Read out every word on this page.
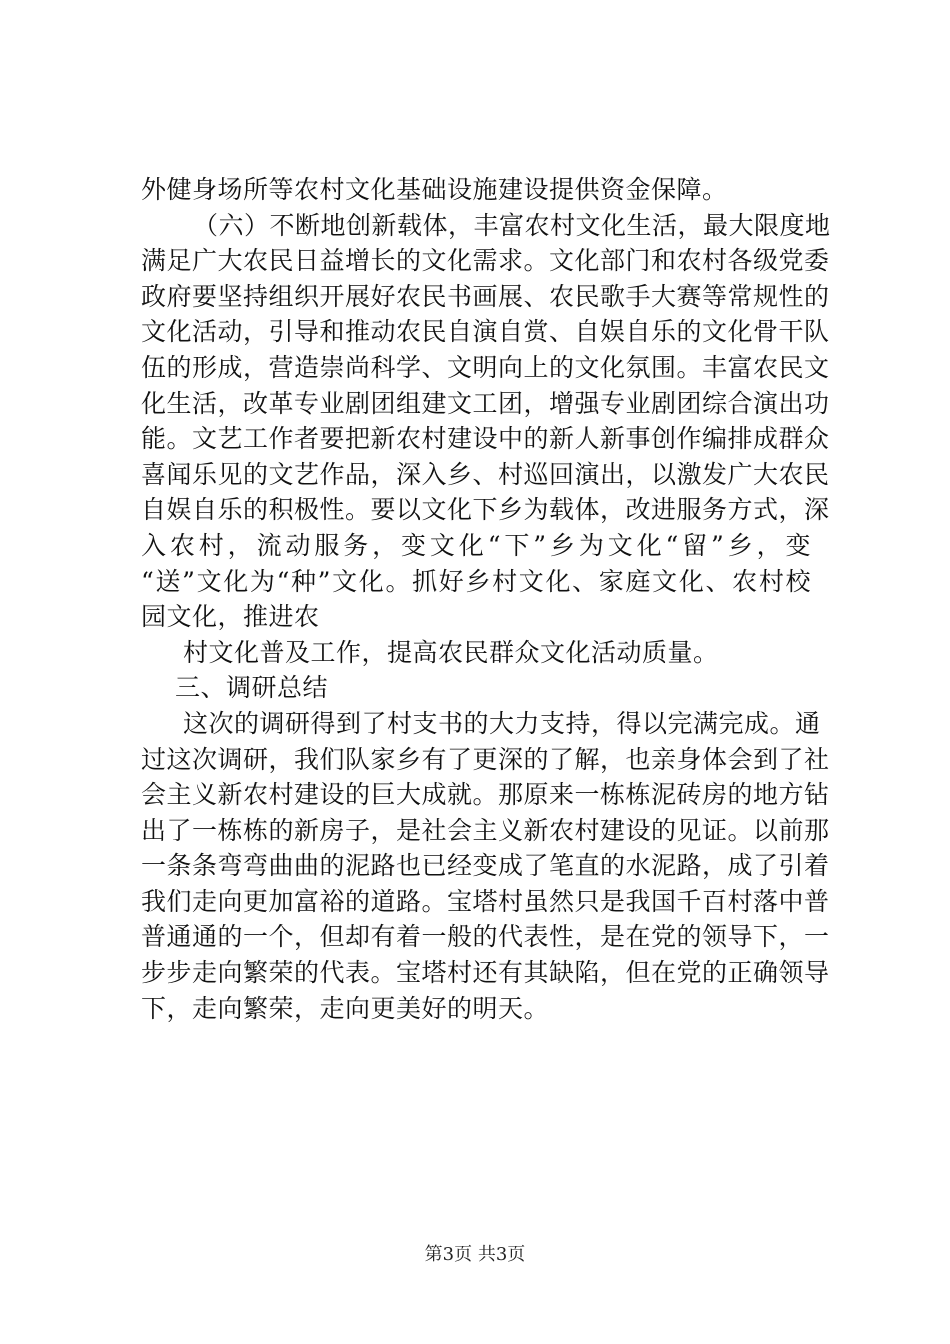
外健身场所等农村文化基础设施建设提供资金保障。
（六）不断地创新载体，丰富农村文化生活，最大限度地
满足广大农民日益增长的文化需求。文化部门和农村各级党委
政府要坚持组织开展好农民书画展、农民歌手大赛等常规性的
文化活动，引导和推动农民自演自赏、自娱自乐的文化骨干队
伍的形成，营造崇尚科学、文明向上的文化氛围。丰富农民文
化生活，改革专业剧团组建文工团，增强专业剧团综合演出功
能。文艺工作者要把新农村建设中的新人新事创作编排成群众
喜闻乐见的文艺作品，深入乡、村巡回演出，以激发广大农民
自娱自乐的积极性。要以文化下乡为载体，改进服务方式，深
入农村，流动服务，变文化“下”乡为文化“留”乡，变
“送”文化为“种”文化。抓好乡村文化、家庭文化、农村校
园文化，推进农
村文化普及工作，提高农民群众文化活动质量。
三、调研总结
这次的调研得到了村支书的大力支持，得以完满完成。通
过这次调研，我们队家乡有了更深的了解，也亲身体会到了社
会主义新农村建设的巨大成就。那原来一栋栋泥砖房的地方钻
出了一栋栋的新房子，是社会主义新农村建设的见证。以前那
一条条弯弯曲曲的泥路也已经变成了笔直的水泥路，成了引着
我们走向更加富裕的道路。宝塔村虽然只是我国千百村落中普
普通通的一个，但却有着一般的代表性，是在党的领导下，一
步步走向繁荣的代表。宝塔村还有其缺陷，但在党的正确领导
下，走向繁荣，走向更美好的明天。
第3页 共3页
